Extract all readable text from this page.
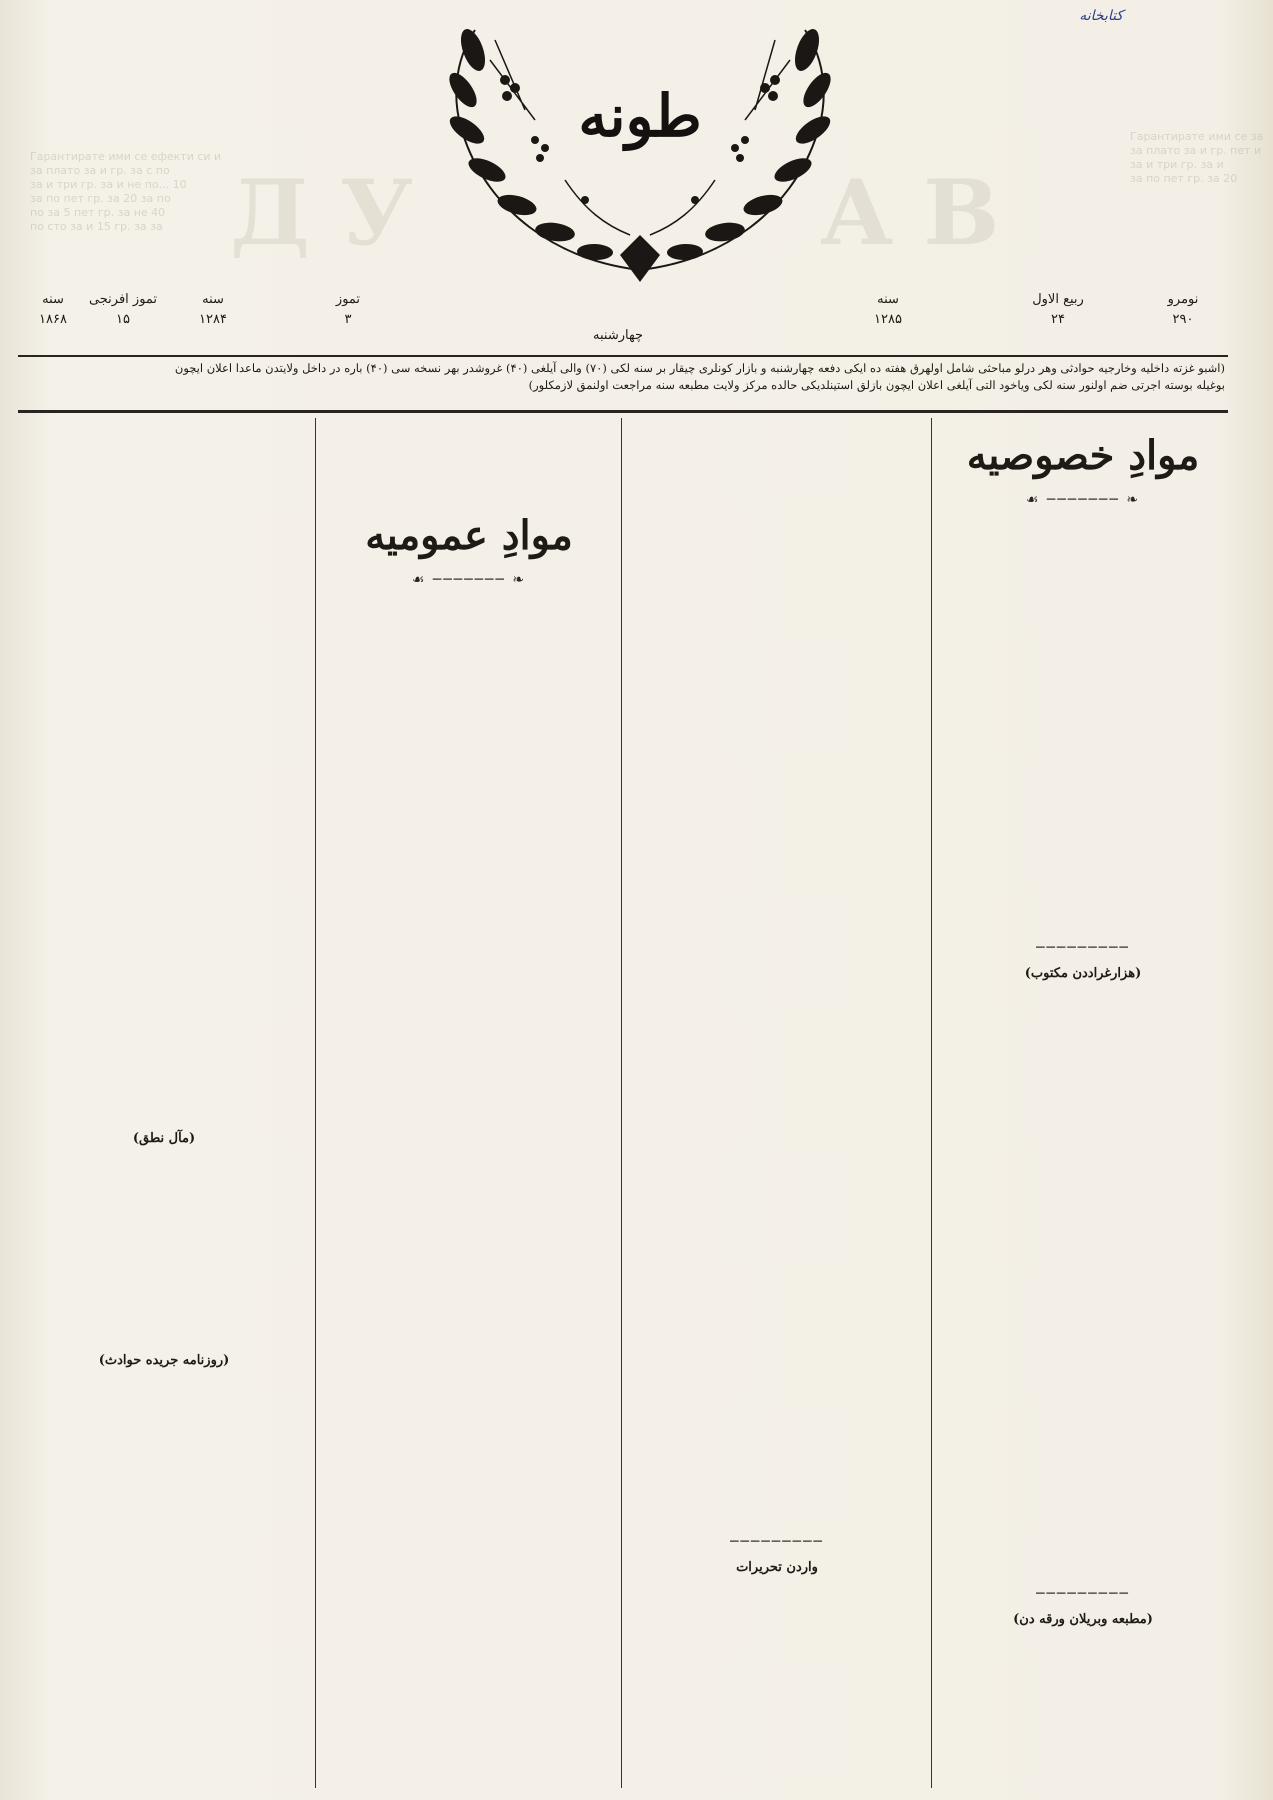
Гарантирате ими се ефекти си и
за плато за и гр. за с по
за и три гр. за и не по... 10
за по пет гр. за 20 за по
по за 5 пет гр. за не 40
по сто за и 15 гр. за за
Гарантирате ими се за
за плато за и гр. пет и
за и три гр. за и
за по пет гр. за 20
ДУ	АВ
کتابخانه
طونه
نومرو
۲۹۰
ربیع الاول
۲۴
سنه
۱۲۸۵
چهارشنبه
تموز
۳
سنه
۱۲۸۴
تموز افرنجی
۱۵
سنه
۱۸۶۸
(اشبو غزته داخلیه وخارجیه حوادثی وهر درلو مباحثی شامل اولهرق هفته ده ایکی دفعه چهارشنبه و بازار کونلری چیقار بر سنه لکی (۷۰) والی آیلغی (۴۰) غروشدر بهر نسخه سی (۴۰) باره در داخل ولایتدن ماعدا اعلان ایچون
بوغیله بوسته اجرتی ضم اولنور سنه لکی ویاخود التی آیلغی اعلان ایچون بازلق استینلدیکی حالده مرکز ولایت مطبعه سنه مراجعت اولنمق لازمکلور)
موادِ خصوصیه
❧ ─────── ☙
─────────
(هزارغراددن مکتوب)
─────────
(مطبعه وبریلان ورقه دن)
─────────
واردن تحریرات
موادِ عمومیه
❧ ─────── ☙
(مآل نطق)
(روزنامه جریده حوادث)
